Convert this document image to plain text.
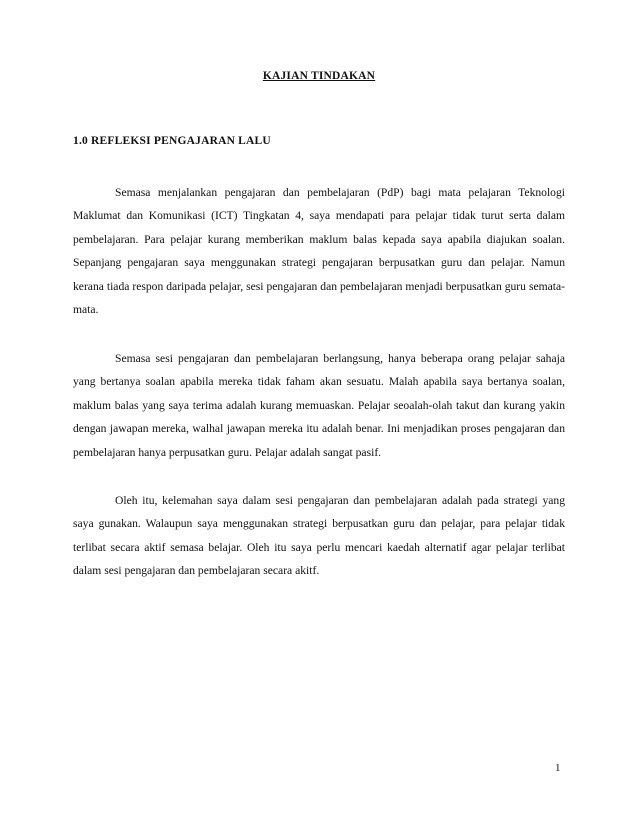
KAJIAN TINDAKAN
1.0 REFLEKSI PENGAJARAN LALU

Semasa menjalankan pengajaran dan pembelajaran (PdP) bagi mata pelajaran Teknologi Maklumat dan Komunikasi (ICT) Tingkatan 4, saya mendapati para pelajar tidak turut serta dalam pembelajaran. Para pelajar kurang memberikan maklum balas kepada saya apabila diajukan soalan. Sepanjang pengajaran saya menggunakan strategi pengajaran berpusatkan guru dan pelajar. Namun kerana tiada respon daripada pelajar, sesi pengajaran dan pembelajaran menjadi berpusatkan guru semata-mata.

Semasa sesi pengajaran dan pembelajaran berlangsung, hanya beberapa orang pelajar sahaja yang bertanya soalan apabila mereka tidak faham akan sesuatu. Malah apabila saya bertanya soalan, maklum balas yang saya terima adalah kurang memuaskan. Pelajar seoalah-olah takut dan kurang yakin dengan jawapan mereka, walhal jawapan mereka itu adalah benar. Ini menjadikan proses pengajaran dan pembelajaran hanya perpusatkan guru. Pelajar adalah sangat pasif.

Oleh itu, kelemahan saya dalam sesi pengajaran dan pembelajaran adalah pada strategi yang saya gunakan. Walaupun saya menggunakan strategi berpusatkan guru dan pelajar, para pelajar tidak terlibat secara aktif semasa belajar. Oleh itu saya perlu mencari kaedah alternatif agar pelajar terlibat dalam sesi pengajaran dan pembelajaran secara akitf.

1
